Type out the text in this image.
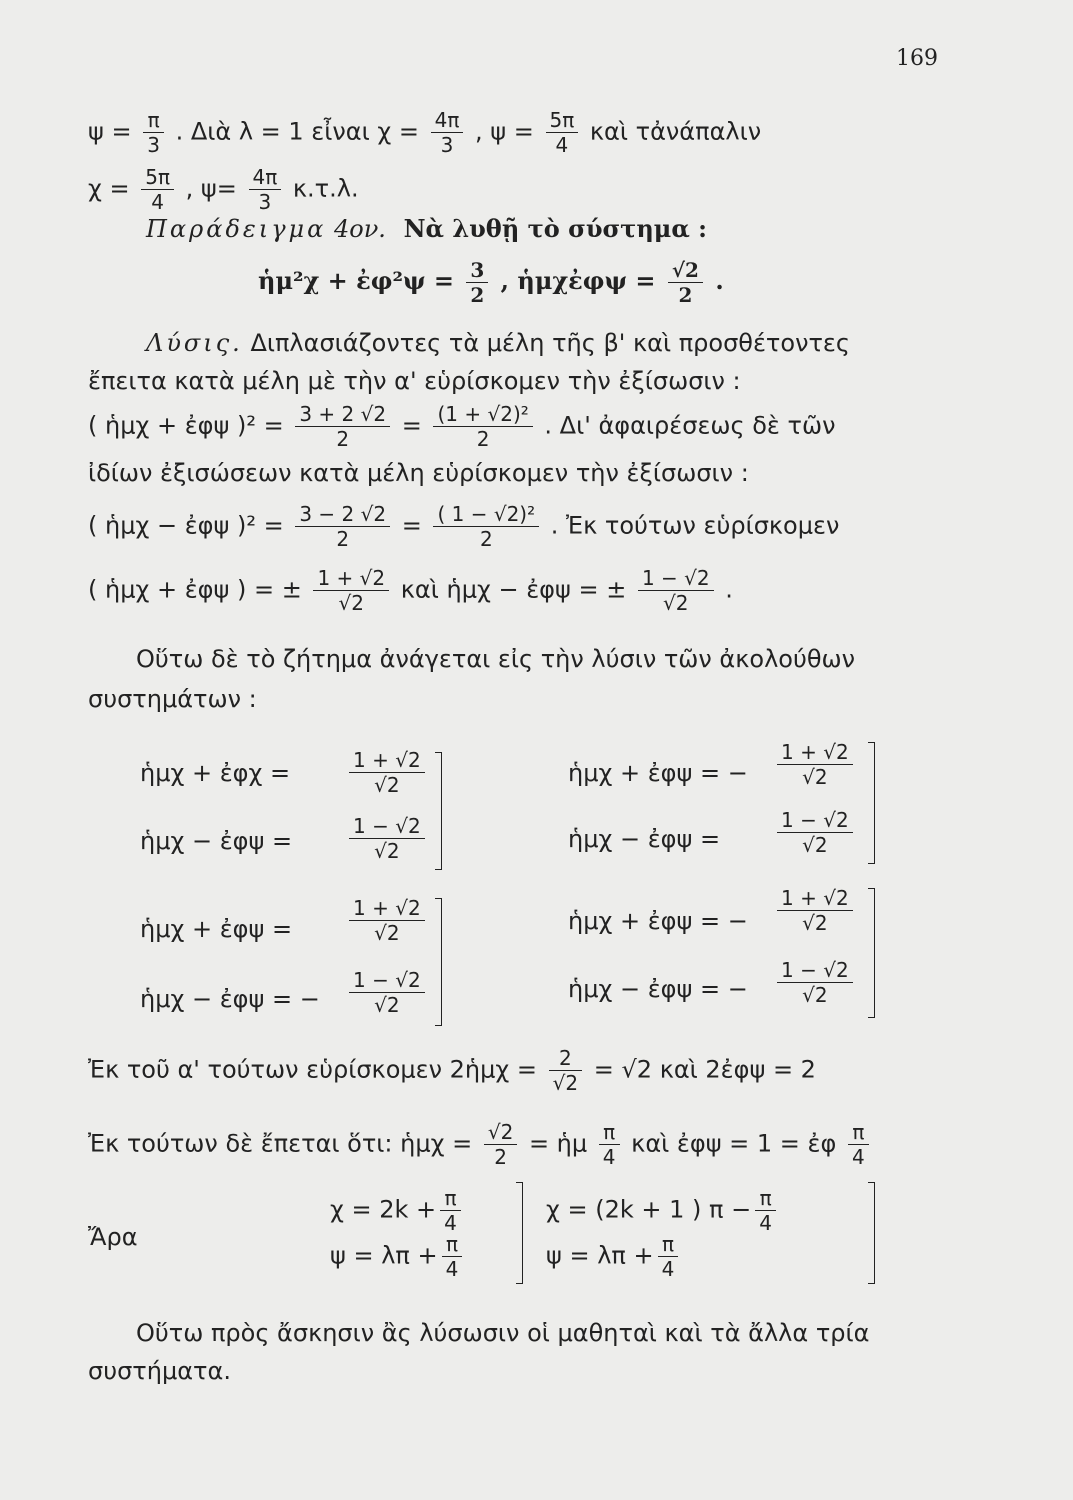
169
$\psi = \frac{\pi}{3}$ . Διὰ λ = 1 εἶναι $\chi = \frac{4\pi}{3}$ , $\psi = \frac{5\pi}{4}$ καὶ τἀνάπαλιν
$\chi = \frac{5\pi}{4}$ , $\psi= \frac{4\pi}{3} \kappa.\tau.\lambda$.
Παράδειγμα 4ον. Νὰ λυθῇ τὸ σύστημα :
ἡμ²χ + ἐφ²ψ = $\frac{3}{2}$ , ἡμχἐφψ = $\frac{√2}{2}$ .
Λύσις. Διπλασιάζοντες τὰ μέλη τῆς β' καὶ προσθέτοντες
ἔπειτα κατὰ μέλη μὲ τὴν α' εὑρίσκομεν τὴν ἐξίσωσιν :
( ἡμχ + ἐφψ )$^2 = \frac{3 + 2 √2}{2} = \frac{\text{(1 + √2)²}}{2}$ . Δι' ἀφαιρέσεως δὲ τῶν
ἰδίων ἐξισώσεων κατὰ μέλη εὑρίσκομεν τὴν ἐξίσωσιν :
( ἡμχ − ἐφψ )$^2 = \frac{3 - 2 √2}{2} = \frac{\text{( 1 − √2)²}}{2}$ . Ἐκ τούτων εὑρίσκομεν
( ἡμχ + ἐφψ ) = ± $\frac{1 + √2}{√2}$ καὶ ἡμχ − ἐφψ = ± $\frac{1 - √2}{√2}$ .
Οὕτω δὲ τὸ ζήτημα ἀνάγεται εἰς τὴν λύσιν τῶν ἀκολούθων
συστημάτων :
ἡμχ + ἐφχ =	$\frac{1 + √2}{√2}$
ἡμχ − ἐφψ =	$\frac{1 - √2}{√2}$
ἡμχ + ἐφψ = − $\frac{1 + √2}{√2}$
ἡμχ − ἐφψ =	$\frac{1 - √2}{√2}$
ἡμχ + ἐφψ =	$\frac{1 + √2}{√2}$
ἡμχ − ἐφψ = − $\frac{1 - √2}{√2}$
ἡμχ + ἐφψ = − $\frac{1 + √2}{√2}$
ἡμχ − ἐφψ = − $\frac{1 - √2}{√2}$
Ἐκ τοῦ α' τούτων εὑρίσκομεν 2ἡμχ = $\frac{2}{√2} = √2$ καὶ 2ἐφψ = 2
Ἐκ τούτων δὲ ἔπεται ὅτι: ἡμχ = $\frac{√2}{2}$ = ἡμ $\frac{\pi}{4}$ καὶ ἐφψ = 1 = ἐφ $\frac{\pi}{4}$
Ἄρα
$\chi = 2k + \frac{\pi}{4}$
$\psi = \lambda\pi + \frac{\pi}{4}$
χ = (2k + 1 ) $\pi - \frac{\pi}{4}$
$\psi = \lambda\pi + \frac{\pi}{4}$
Οὕτω πρὸς ἄσκησιν ἂς λύσωσιν οἱ μαθηταὶ καὶ τὰ ἄλλα τρία
συστήματα.
